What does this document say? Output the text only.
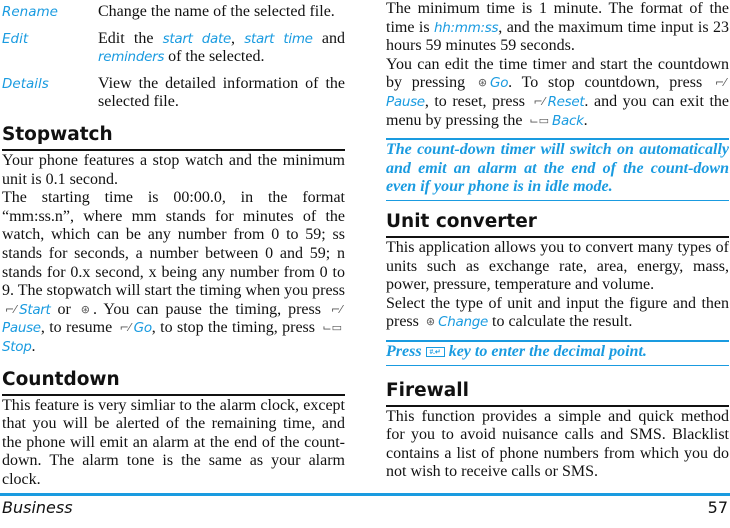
Rename	Change the name of the selected file.

Edit	Edit the start date, start time and reminders of the selected.

Details	View the detailed information of the selected file.

Stopwatch

Your phone features a stop watch and the minimum unit is 0.1 second.

The starting time is 00:00.0, in the format “mm:ss.n”, where mm stands for minutes of the watch, which can be any number from 0 to 59; ss stands for seconds, a number between 0 and 59; n stands for 0.x second, x being any number from 0 to 9. The stopwatch will start the timing when you press ⌐⁄ Start or ⊛ . You can pause the timing, press ⌐⁄Pause, to resume ⌐⁄ Go, to stop the timing, press ⌙▭Stop.

Countdown

This feature is very simliar to the alarm clock, except that you will be alerted of the remaining time, and the phone will emit an alarm at the end of the count-down. The alarm tone is the same as your alarm clock.

The minimum time is 1 minute. The format of the time is hh:mm:ss, and the maximum time input is 23 hours 59 minutes 59 seconds.

You can edit the time timer and start the countdown by pressing ⊛ Go. To stop countdown, press ⌐⁄Pause, to reset, press ⌐⁄ Reset. and you can exit the menu by pressing the ⌙▭ Back.

The count-down timer will switch on automatically and emit an alarm at the end of the count-down even if your phone is in idle mode.
Unit converter

This application allows you to convert many types of units such as exchange rate, area, energy, mass, power, pressure, temperature and volume.

Select the type of unit and input the figure and then press ⊛ Change to calculate the result.

Press #.↵ key to enter the decimal point.
Firewall

This function provides a simple and quick method for you to avoid nuisance calls and SMS. Blacklist contains a list of phone numbers from which you do not wish to receive calls or SMS.

Business	57
